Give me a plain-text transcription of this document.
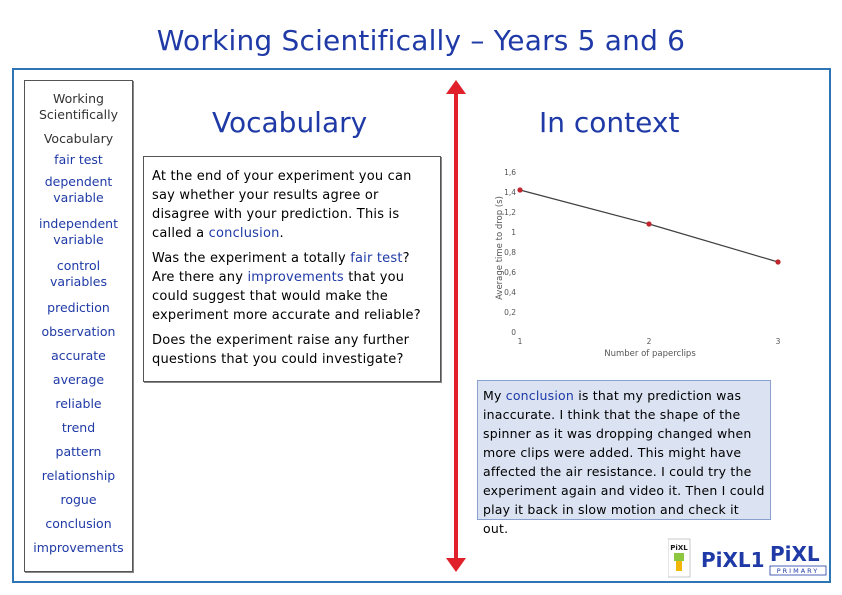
Working Scientifically – Years 5 and 6
Working Scientifically
Vocabulary
fair test
dependent variable
independent variable
control variables
prediction
observation
accurate
average
reliable
trend
pattern
relationship
rogue
conclusion
improvements
Vocabulary	In context

At the end of your experiment you can say whether your results agree or disagree with your prediction. This is called a conclusion.

Was the experiment a totally fair test? Are there any improvements that you could suggest that would make the experiment more accurate and reliable?

Does the experiment raise any further questions that you could investigate?

0
0,2
0,4
0,6
0,8
1
1,2
1,4
1,6
1	2	3
Number of paperclips
Average time to drop (s)
My conclusion is that my prediction was inaccurate. I think that the shape of the spinner as it was dropping changed when more clips were added. This might have affected the air resistance. I could try the experiment again and video it. Then I could play it back in slow motion and check it out.
PiXL PiXL1 PiXL
PRIMARY
